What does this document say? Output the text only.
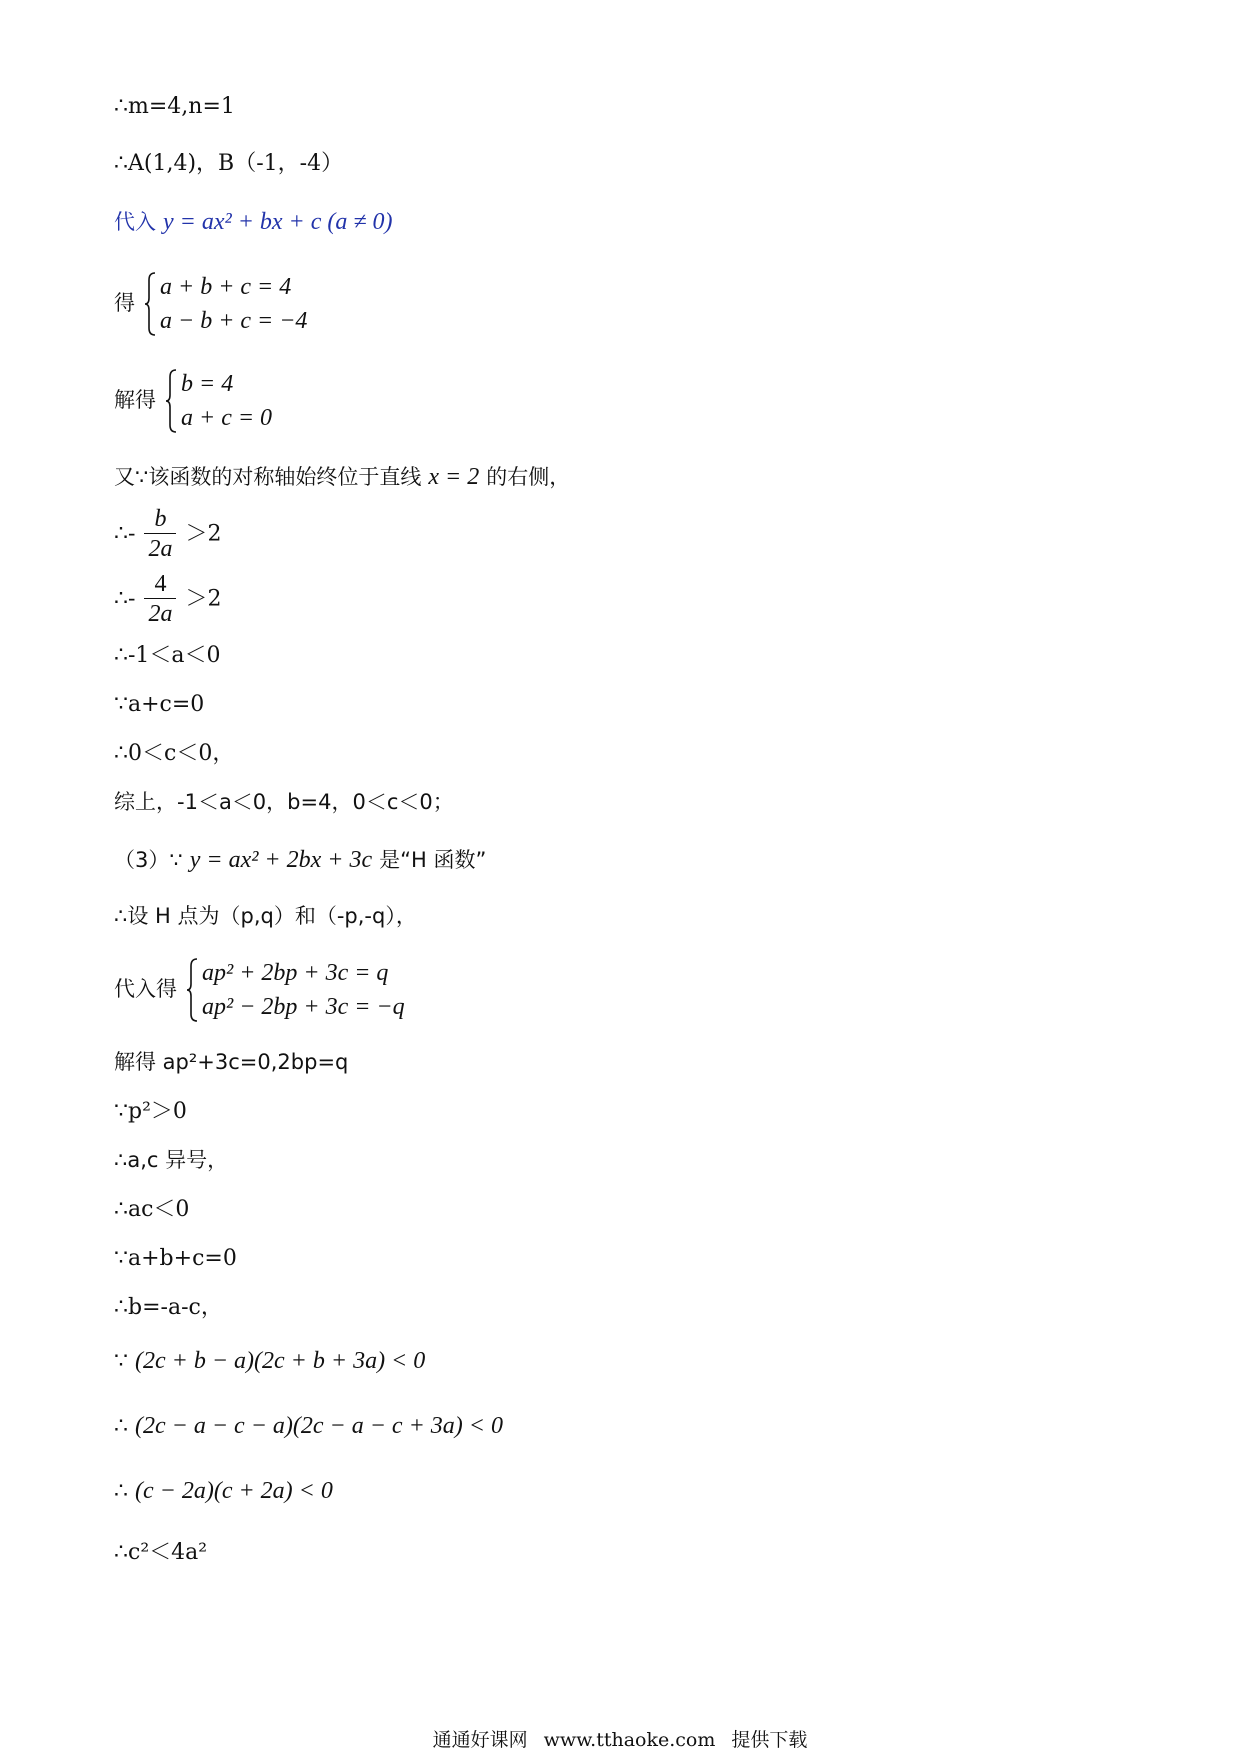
∴m=4,n=1
∴A(1,4)，B（-1，-4）
代入 y = ax² + bx + c (a ≠ 0)
得
a + b + c = 4
a − b + c = −4
解得
b = 4
a + c = 0
又∵该函数的对称轴始终位于直线 x = 2 的右侧，
∴- $\frac{b}{2a} >2$
∴- $\frac{4}{2a} >2$
∴-1＜a＜0
∵a+c=0
∴0＜c＜0，
综上，-1＜a＜0，b=4，0＜c＜0；
（3）∵ y = ax² + 2bx + 3c 是“H 函数”
∴设 H 点为（p,q）和（-p,-q），
代入得
ap² + 2bp + 3c = q
ap² − 2bp + 3c = −q
解得 ap²+3c=0,2bp=q
∵p²＞0
∴a,c 异号，
∴ac＜0
∵a+b+c=0
∴b=-a-c，
∵ (2c + b − a)(2c + b + 3a) < 0
∴ (2c − a − c − a)(2c − a − c + 3a) < 0
∴ (c − 2a)(c + 2a) < 0
∴c²＜4a²
通通好课网 www.tthaoke.com 提供下载
